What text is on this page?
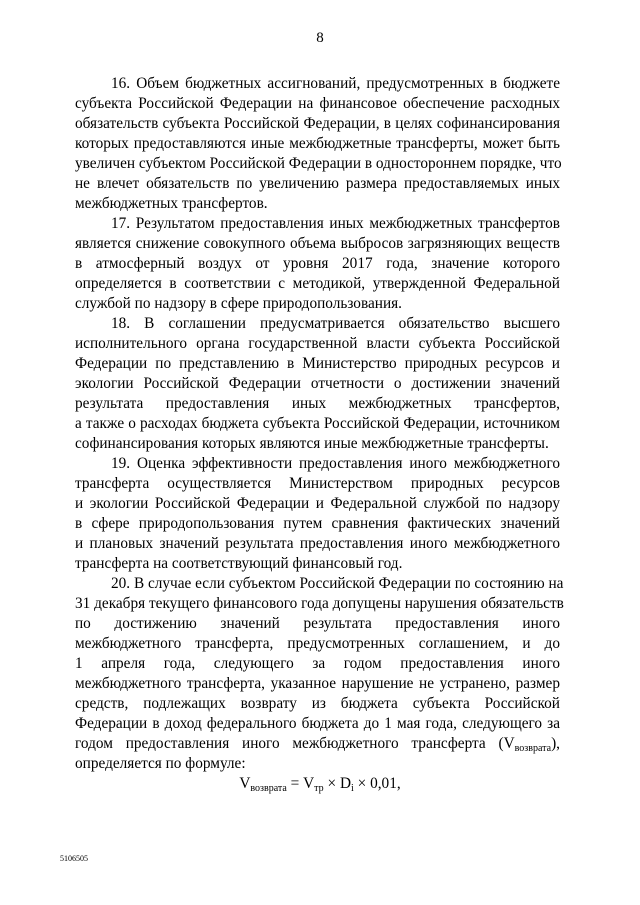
8
16. Объем бюджетных ассигнований, предусмотренных в бюджете
субъекта Российской Федерации на финансовое обеспечение расходных
обязательств субъекта Российской Федерации, в целях софинансирования
которых предоставляются иные межбюджетные трансферты, может быть
увеличен субъектом Российской Федерации в одностороннем порядке, что
не влечет обязательств по увеличению размера предоставляемых иных
межбюджетных трансфертов.
17. Результатом предоставления иных межбюджетных трансфертов
является снижение совокупного объема выбросов загрязняющих веществ
в атмосферный воздух от уровня 2017 года, значение которого
определяется в соответствии с методикой, утвержденной Федеральной
службой по надзору в сфере природопользования.
18. В соглашении предусматривается обязательство высшего
исполнительного органа государственной власти субъекта Российской
Федерации по представлению в Министерство природных ресурсов и
экологии Российской Федерации отчетности о достижении значений
результата предоставления иных межбюджетных трансфертов,
а также о расходах бюджета субъекта Российской Федерации, источником
софинансирования которых являются иные межбюджетные трансферты.
19. Оценка эффективности предоставления иного межбюджетного
трансферта осуществляется Министерством природных ресурсов
и экологии Российской Федерации и Федеральной службой по надзору
в сфере природопользования путем сравнения фактических значений
и плановых значений результата предоставления иного межбюджетного
трансферта на соответствующий финансовый год.
20. В случае если субъектом Российской Федерации по состоянию на
31 декабря текущего финансового года допущены нарушения обязательств
по достижению значений результата предоставления иного
межбюджетного трансферта, предусмотренных соглашением, и до
1 апреля года, следующего за годом предоставления иного
межбюджетного трансферта, указанное нарушение не устранено, размер
средств, подлежащих возврату из бюджета субъекта Российской
Федерации в доход федерального бюджета до 1 мая года, следующего за
годом предоставления иного межбюджетного трансферта (Vвозврата),
определяется по формуле:
$V_{возврата} = V_{тр} \times D_i \times 0,01$,
5106505
